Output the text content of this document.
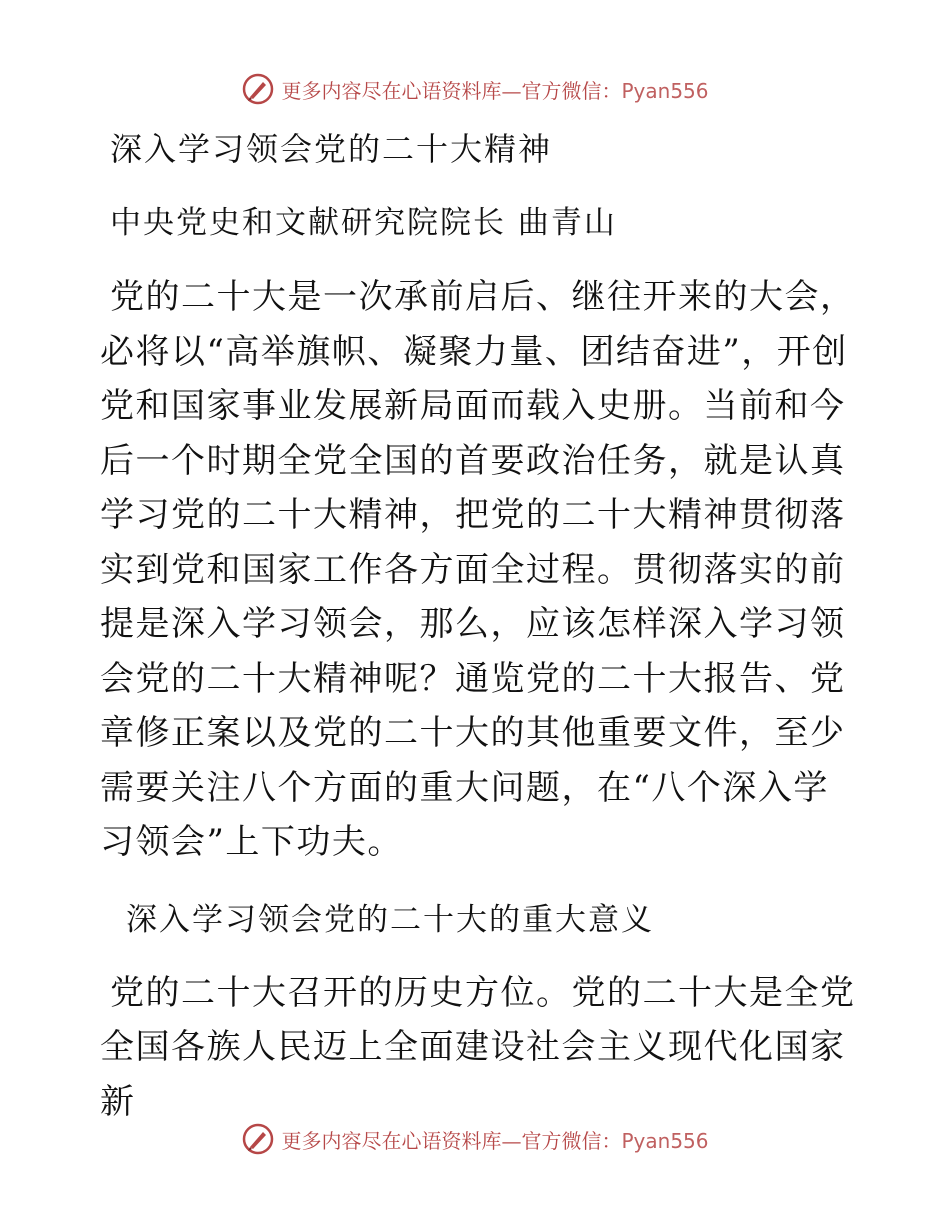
更多内容尽在心语资料库—官方微信：Pyan556
深入学习领会党的二十大精神

中央党史和文献研究院院长 曲青山

党的二十大是一次承前启后、继往开来的大会，必将以“高举旗帜、凝聚力量、团结奋进”，开创党和国家事业发展新局面而载入史册。当前和今后一个时期全党全国的首要政治任务，就是认真学习党的二十大精神，把党的二十大精神贯彻落实到党和国家工作各方面全过程。贯彻落实的前提是深入学习领会，那么，应该怎样深入学习领会党的二十大精神呢？通览党的二十大报告、党章修正案以及党的二十大的其他重要文件，至少需要关注八个方面的重大问题，在“八个深入学习领会”上下功夫。

深入学习领会党的二十大的重大意义

党的二十大召开的历史方位。党的二十大是全党
全国各族人民迈上全面建设社会主义现代化国家新

更多内容尽在心语资料库—官方微信：Pyan556
